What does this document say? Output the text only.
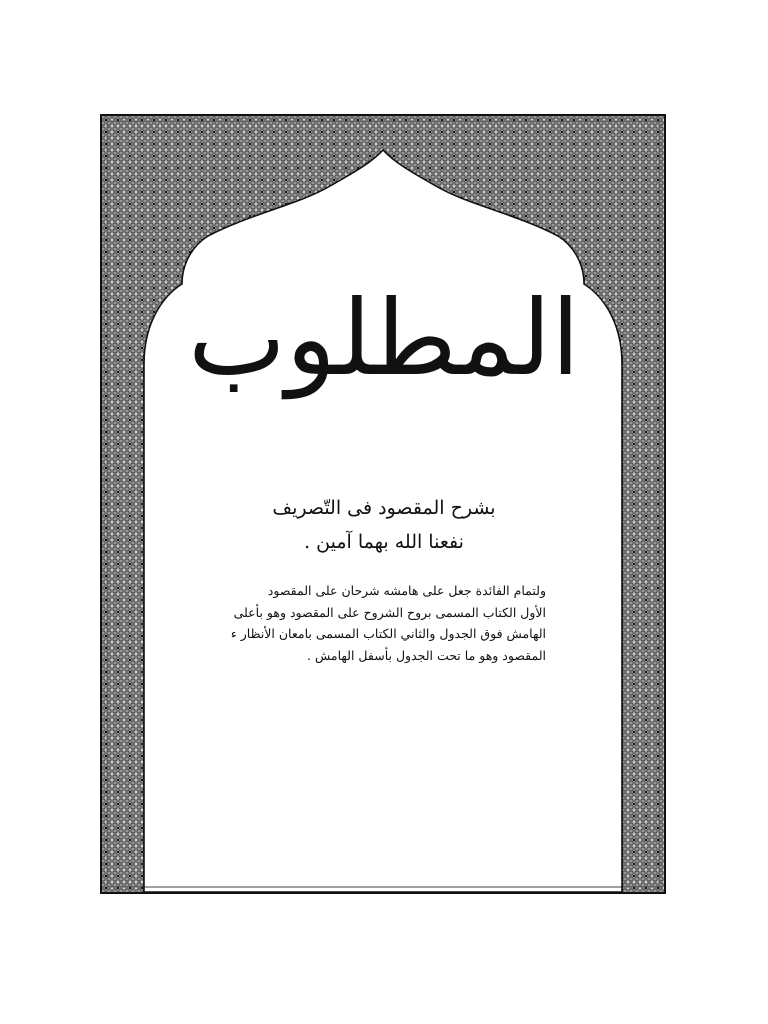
المطلوب
بشرح المقصود فى التّصريف
نفعنا الله بهما آمين .
ولتمام الفائدة جعل على هامشه شرحان على المقصود
الأول الكتاب المسمى بروح الشروح على المقصود وهو بأعلى
الهامش فوق الجدول والثاني الكتاب المسمى بامعان الأنظار ء
المقصود وهو ما تحت الجدول بأسفل الهامش .
